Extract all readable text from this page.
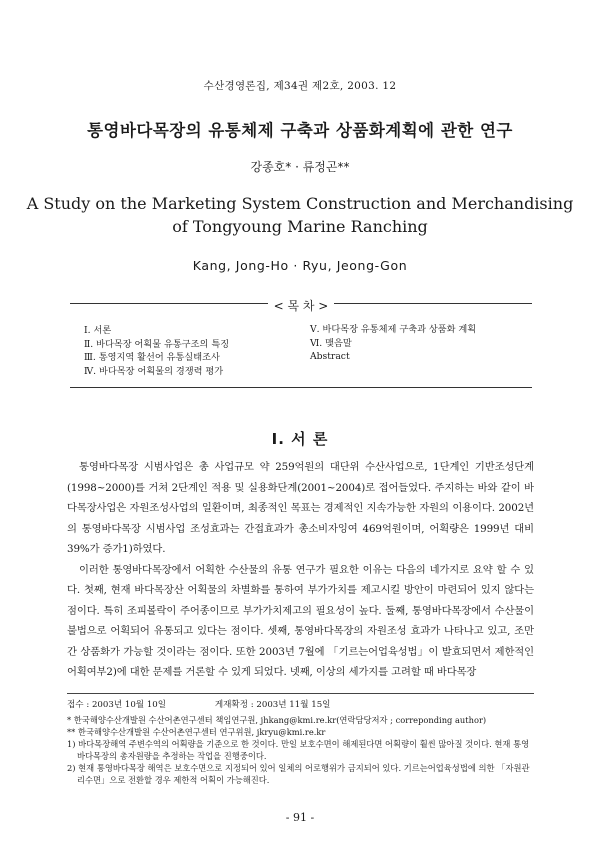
수산경영론집, 제34권 제2호, 2003. 12
통영바다목장의 유통체제 구축과 상품화계획에 관한 연구
강종호* · 류정곤**
A Study on the Marketing System Construction and Merchandising
of Tongyoung Marine Ranching
Kang, Jong-Ho · Ryu, Jeong-Gon
< 목 차 >
Ⅰ. 서론
Ⅱ. 바다목장 어획물 유통구조의 특징
Ⅲ. 통영지역 활선어 유통실태조사
Ⅳ. 바다목장 어획물의 경쟁력 평가
Ⅴ. 바다목장 유통체제 구축과 상품화 계획
Ⅵ. 맺음말
Abstract
Ⅰ. 서 론

통영바다목장 시범사업은 총 사업규모 약 259억원의 대단위 수산사업으로, 1단계인 기반조성단계(1998~2000)를 거쳐 2단계인 적용 및 실용화단계(2001~2004)로 접어들었다. 주지하는 바와 같이 바다목장사업은 자원조성사업의 일환이며, 최종적인 목표는 경제적인 지속가능한 자원의 이용이다. 2002년의 통영바다목장 시범사업 조성효과는 간접효과가 총소비자잉여 469억원이며, 어획량은 1999년 대비 39%가 증가1)하였다.

이러한 통영바다목장에서 어획한 수산물의 유통 연구가 필요한 이유는 다음의 네가지로 요약 할 수 있다. 첫째, 현재 바다목장산 어획물의 차별화를 통하여 부가가치를 제고시킬 방안이 마련되어 있지 않다는 점이다. 특히 조피볼락이 주어종이므로 부가가치제고의 필요성이 높다. 둘째, 통영바다목장에서 수산물이 불법으로 어획되어 유통되고 있다는 점이다. 셋째, 통영바다목장의 자원조성 효과가 나타나고 있고, 조만간 상품화가 가능할 것이라는 점이다. 또한 2003년 7월에 「기르는어업육성법」이 발효되면서 제한적인 어획여부2)에 대한 문제를 거론할 수 있게 되었다. 넷째, 이상의 세가지를 고려할 때 바다목장

접수 : 2003년 10월 10일	게재확정 : 2003년 11월 15일
* 한국해양수산개발원 수산어촌연구센터 책임연구원, jhkang@kmi.re.kr(연락담당저자 ; correponding author)
** 한국해양수산개발원 수산어촌연구센터 연구위원, jkryu@kmi.re.kr
1) 바다목장해역 주변수역의 어획량을 기준으로 한 것이다. 만일 보호수면이 해제된다면 어획량이 훨씬 많아질 것이다. 현재 통영바다목장의 총자원량을 추정하는 작업을 진행중이다.
2) 현재 통영바다목장 해역은 보호수면으로 지정되어 있어 일체의 어로행위가 금지되어 있다. 기르는어업육성법에 의한 「자원관리수면」으로 전환할 경우 제한적 어획이 가능해진다.
- 91 -
